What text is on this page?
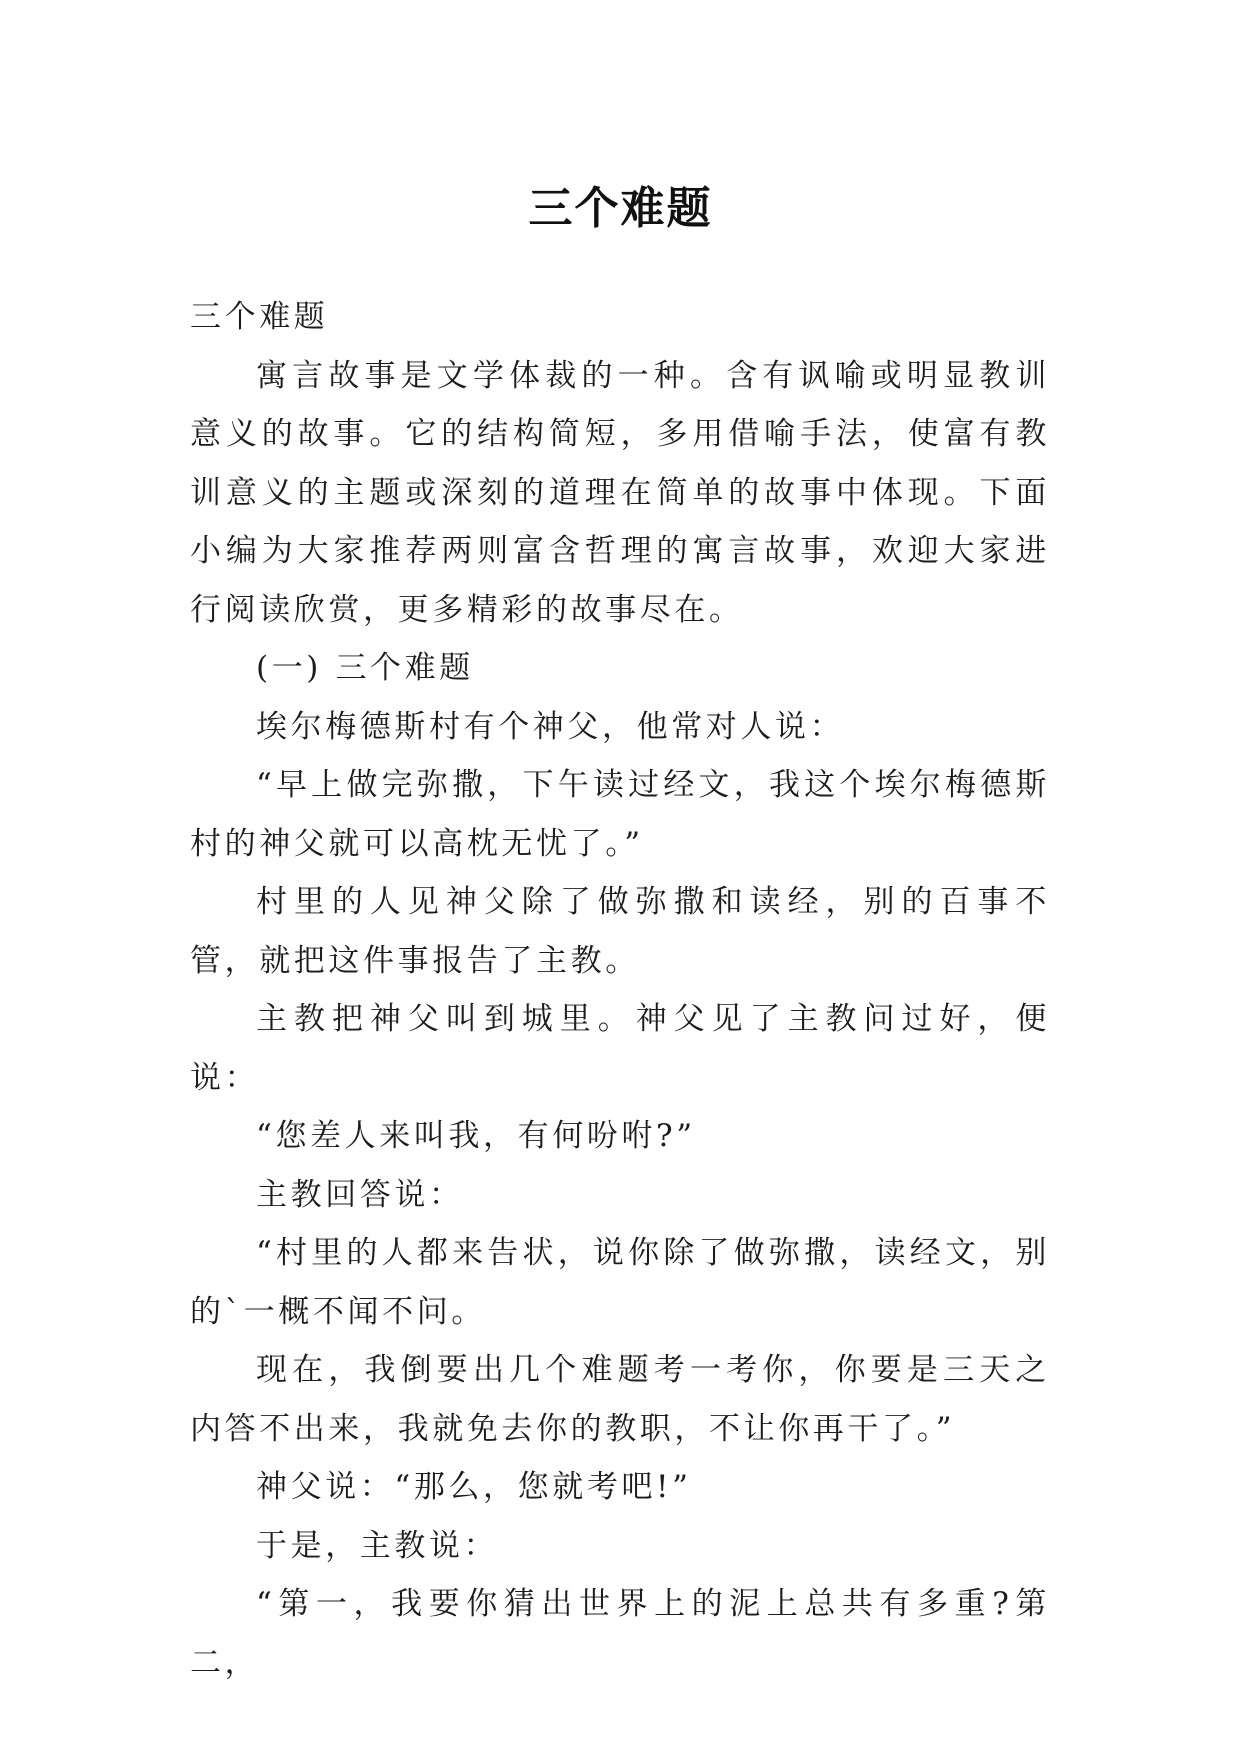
三个难题

三个难题

寓言故事是文学体裁的一种。含有讽喻或明显教训意义的故事。它的结构简短，多用借喻手法，使富有教训意义的主题或深刻的道理在简单的故事中体现。下面小编为大家推荐两则富含哲理的寓言故事，欢迎大家进行阅读欣赏，更多精彩的故事尽在。

(一) 三个难题

埃尔梅德斯村有个神父，他常对人说：

“早上做完弥撒，下午读过经文，我这个埃尔梅德斯村的神父就可以高枕无忧了。”

村里的人见神父除了做弥撒和读经，别的百事不管，就把这件事报告了主教。

主教把神父叫到城里。神父见了主教问过好，便说：

“您差人来叫我，有何吩咐?”

主教回答说：

“村里的人都来告状，说你除了做弥撒，读经文，别的`一概不闻不问。

现在，我倒要出几个难题考一考你，你要是三天之内答不出来，我就免去你的教职，不让你再干了。”

神父说：“那么，您就考吧!”

于是，主教说：

“第一，我要你猜出世界上的泥上总共有多重?第二，
